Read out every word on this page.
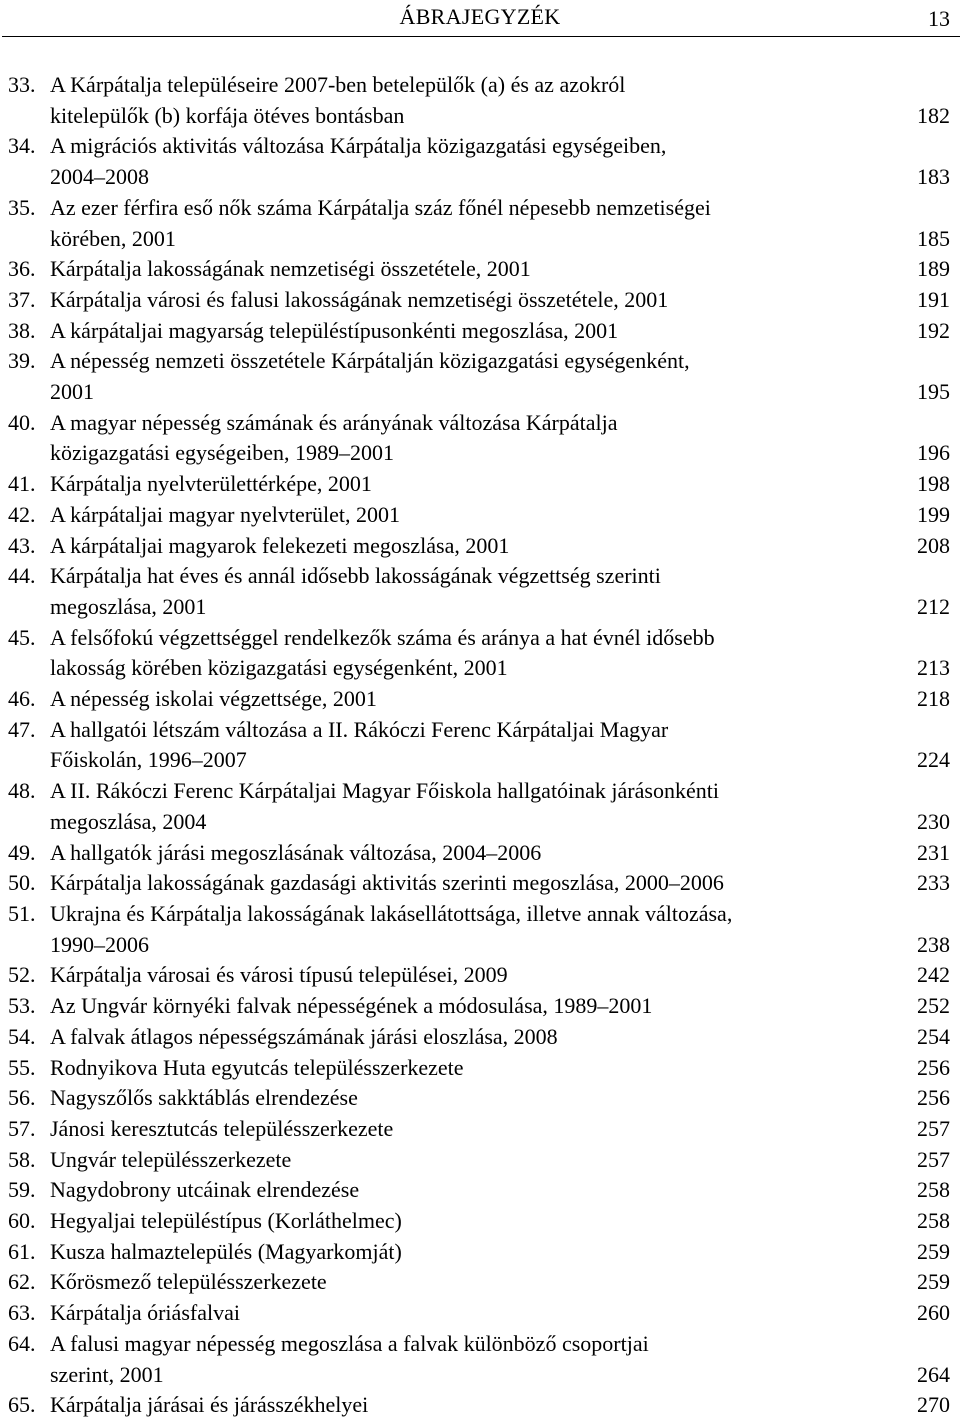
ÁBRAJEGYZÉK	13
33. A Kárpátalja településeire 2007-ben betelepülők (a) és az azokról
kitelepülők (b) korfája ötéves bontásban	182
34. A migrációs aktivitás változása Kárpátalja közigazgatási egységeiben,
2004–2008	183
35. Az ezer férfira eső nők száma Kárpátalja száz főnél népesebb nemzetiségei
körében, 2001	185
36. Kárpátalja lakosságának nemzetiségi összetétele, 2001	189
37. Kárpátalja városi és falusi lakosságának nemzetiségi összetétele, 2001	191
38. A kárpátaljai magyarság településtípusonkénti megoszlása, 2001	192
39. A népesség nemzeti összetétele Kárpátalján közigazgatási egységenként,
2001	195
40. A magyar népesség számának és arányának változása Kárpátalja
közigazgatási egységeiben, 1989–2001	196
41. Kárpátalja nyelvterülettérképe, 2001	198
42. A kárpátaljai magyar nyelvterület, 2001	199
43. A kárpátaljai magyarok felekezeti megoszlása, 2001	208
44. Kárpátalja hat éves és annál idősebb lakosságának végzettség szerinti
megoszlása, 2001	212
45. A felsőfokú végzettséggel rendelkezők száma és aránya a hat évnél idősebb
lakosság körében közigazgatási egységenként, 2001	213
46. A népesség iskolai végzettsége, 2001	218
47. A hallgatói létszám változása a II. Rákóczi Ferenc Kárpátaljai Magyar
Főiskolán, 1996–2007	224
48. A II. Rákóczi Ferenc Kárpátaljai Magyar Főiskola hallgatóinak járásonkénti
megoszlása, 2004	230
49. A hallgatók járási megoszlásának változása, 2004–2006	231
50. Kárpátalja lakosságának gazdasági aktivitás szerinti megoszlása, 2000–2006	233
51. Ukrajna és Kárpátalja lakosságának lakásellátottsága, illetve annak változása,
1990–2006	238
52. Kárpátalja városai és városi típusú települései, 2009	242
53. Az Ungvár környéki falvak népességének a módosulása, 1989–2001	252
54. A falvak átlagos népességszámának járási eloszlása, 2008	254
55. Rodnyikova Huta egyutcás településszerkezete	256
56. Nagyszőlős sakktáblás elrendezése	256
57. Jánosi keresztutcás településszerkezete	257
58. Ungvár településszerkezete	257
59. Nagydobrony utcáinak elrendezése	258
60. Hegyaljai településtípus (Korláthelmec)	258
61. Kusza halmaztelepülés (Magyarkomját)	259
62. Kőrösmező településszerkezete	259
63. Kárpátalja óriásfalvai	260
64. A falusi magyar népesség megoszlása a falvak különböző csoportjai
szerint, 2001	264
65. Kárpátalja járásai és járásszékhelyei	270
